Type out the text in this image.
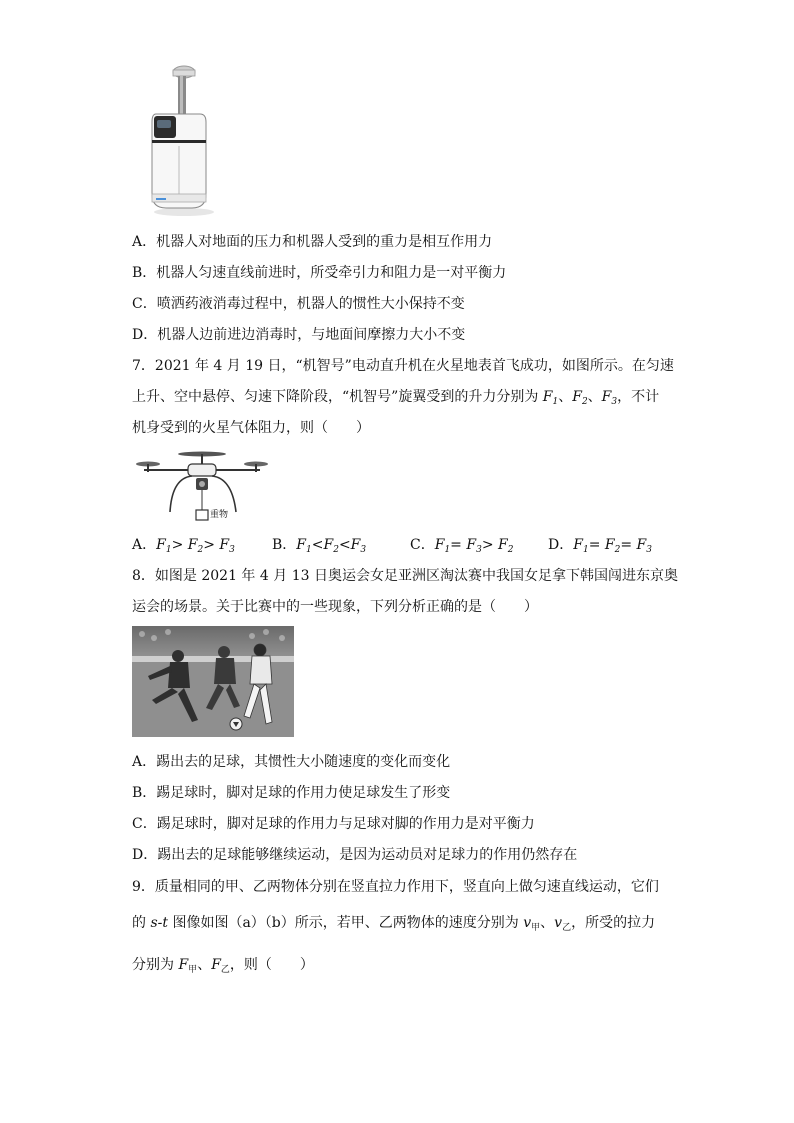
A．机器人对地面的压力和机器人受到的重力是相互作用力
B．机器人匀速直线前进时，所受牵引力和阻力是一对平衡力
C．喷洒药液消毒过程中，机器人的惯性大小保持不变
D．机器人边前进边消毒时，与地面间摩擦力大小不变
7．2021 年 4 月 19 日，“机智号”电动直升机在火星地表首飞成功，如图所示。在匀速
上升、空中悬停、匀速下降阶段，“机智号”旋翼受到的升力分别为 $F_1$、$F_2$、$F_3$，不计
机身受到的火星气体阻力，则（　　）
重物
A．$F_1> F_2> F_3$	B．$F_1<F_2<F_3$	C．$F_1= F_3> F_2$ D．$F_1= F_2= F_3$
8．如图是 2021 年 4 月 13 日奥运会女足亚洲区淘汰赛中我国女足拿下韩国闯进东京奥
运会的场景。关于比赛中的一些现象，下列分析正确的是（　　）
A．踢出去的足球，其惯性大小随速度的变化而变化
B．踢足球时，脚对足球的作用力使足球发生了形变
C．踢足球时，脚对足球的作用力与足球对脚的作用力是对平衡力
D．踢出去的足球能够继续运动，是因为运动员对足球力的作用仍然存在
9．质量相同的甲、乙两物体分别在竖直拉力作用下，竖直向上做匀速直线运动，它们
的 s-t 图像如图（a）（b）所示，若甲、乙两物体的速度分别为 $v_甲$、$v_乙$，所受的拉力
分别为 $F_甲$、$F_乙$，则（　　）
